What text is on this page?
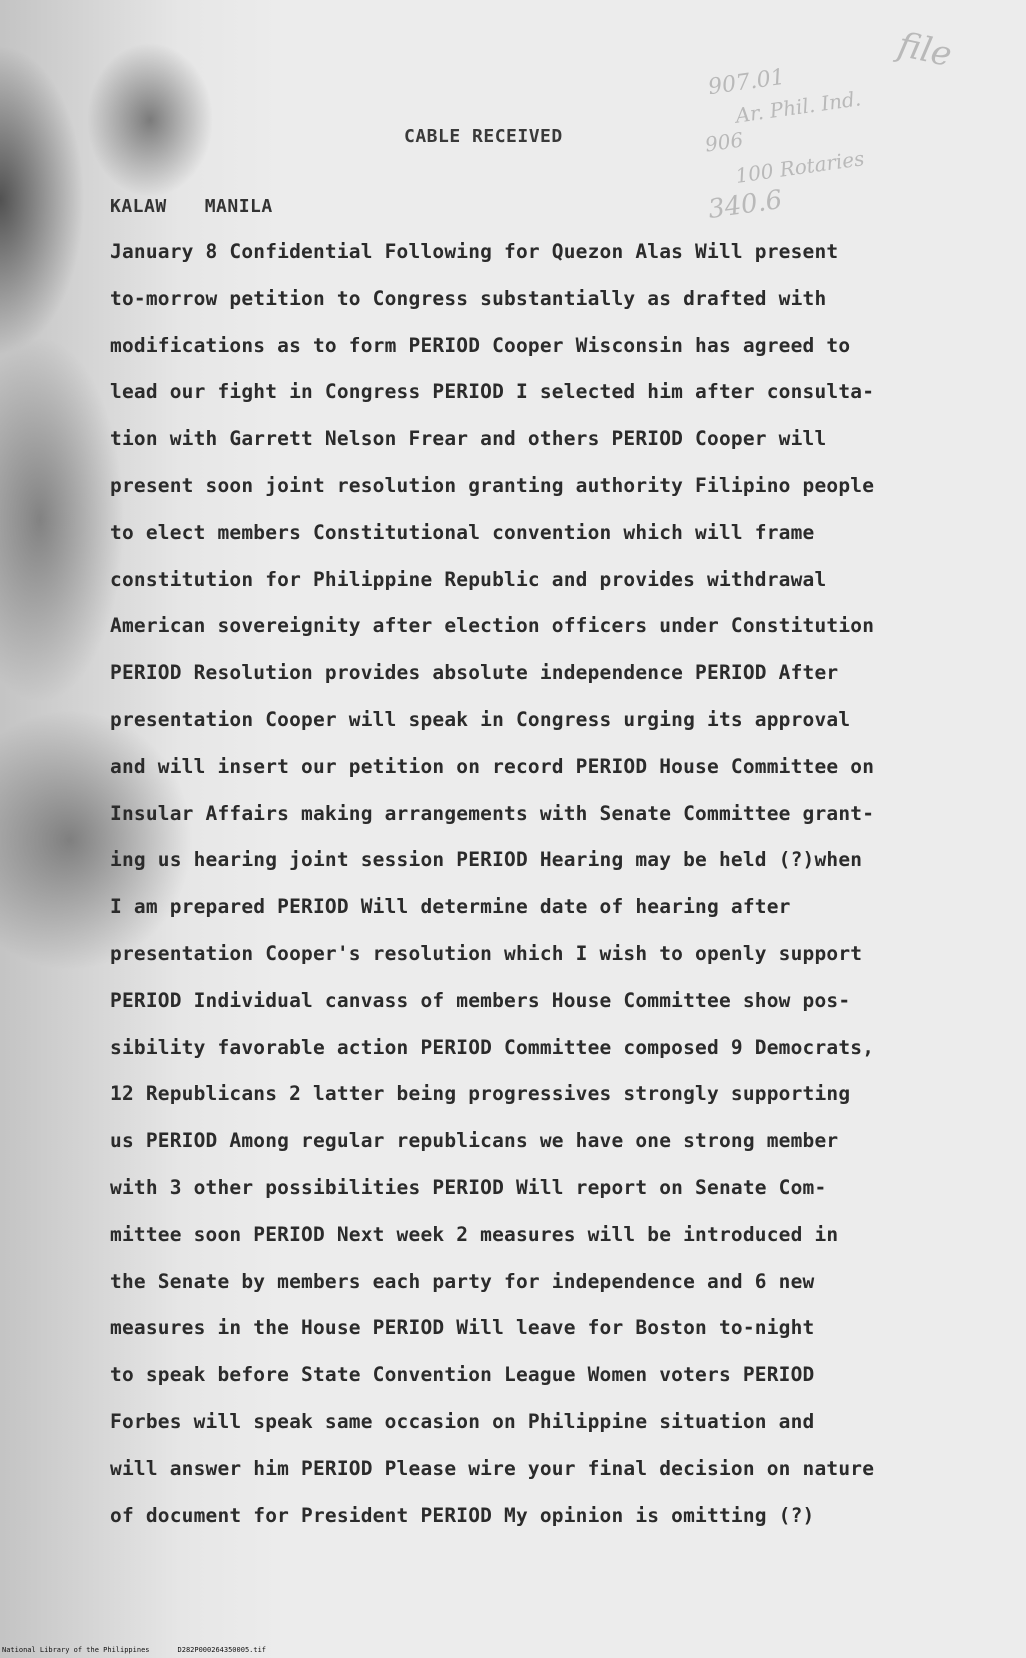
file
907.01
Ar. Phil. Ind.
906
100 Rotaries
340.6
CABLE RECEIVED
KALAW MANILA
January 8 Confidential Following for Quezon Alas Will present
to-morrow petition to Congress substantially as drafted with
modifications as to form PERIOD Cooper Wisconsin has agreed to
lead our fight in Congress PERIOD I selected him after consulta-
tion with Garrett Nelson Frear and others PERIOD Cooper will
present soon joint resolution granting authority Filipino people
to elect members Constitutional convention which will frame
constitution for Philippine Republic and provides withdrawal
American sovereignity after election officers under Constitution
PERIOD Resolution provides absolute independence PERIOD After
presentation Cooper will speak in Congress urging its approval
and will insert our petition on record PERIOD House Committee on
Insular Affairs making arrangements with Senate Committee grant-
ing us hearing joint session PERIOD Hearing may be held (?)when
I am prepared PERIOD Will determine date of hearing after
presentation Cooper's resolution which I wish to openly support
PERIOD Individual canvass of members House Committee show pos-
sibility favorable action PERIOD Committee composed 9 Democrats,
12 Republicans 2 latter being progressives strongly supporting
us PERIOD Among regular republicans we have one strong member
with 3 other possibilities PERIOD Will report on Senate Com-
mittee soon PERIOD Next week 2 measures will be introduced in
the Senate by members each party for independence and 6 new
measures in the House PERIOD Will leave for Boston to-night
to speak before State Convention League Women voters PERIOD
Forbes will speak same occasion on Philippine situation and
will answer him PERIOD Please wire your final decision on nature
of document for President PERIOD My opinion is omitting (?)
National Library of the Philippines	D282P000264350005.tif
